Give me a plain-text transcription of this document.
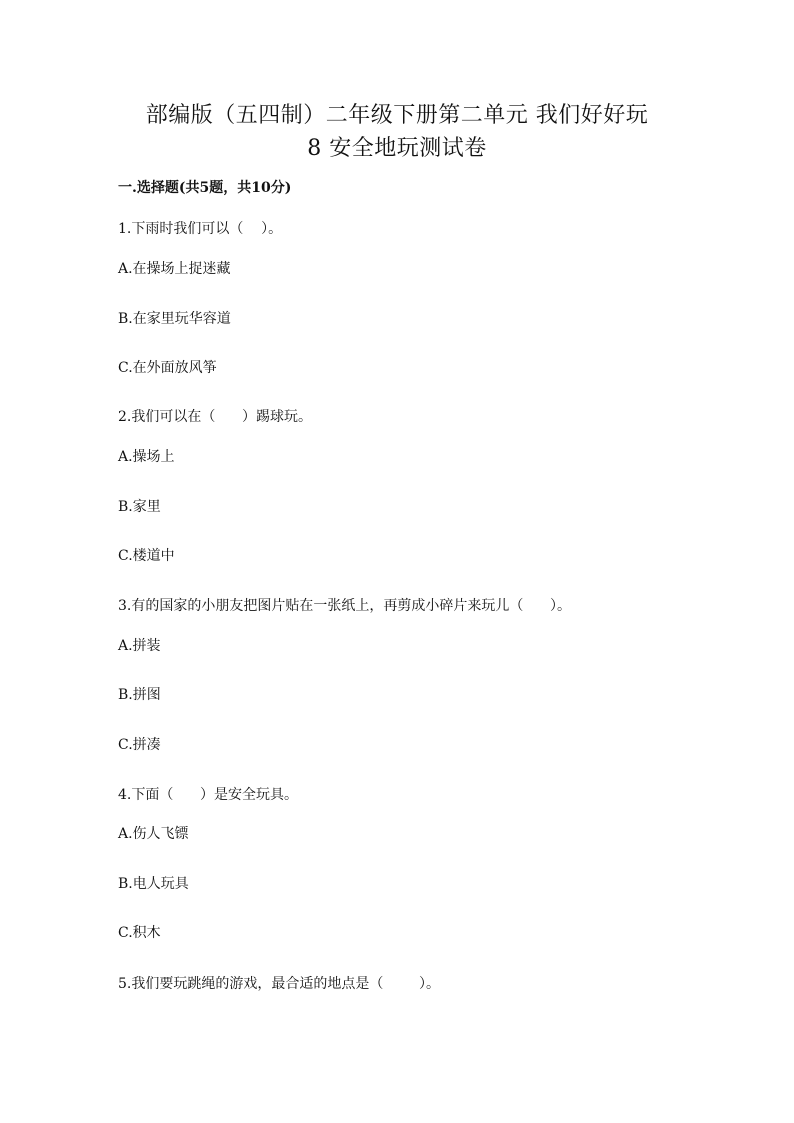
部编版（五四制）二年级下册第二单元 我们好好玩
8 安全地玩测试卷
一.选择题(共5题，共10分)
1.下雨时我们可以（    ）。
A.在操场上捉迷藏
B.在家里玩华容道
C.在外面放风筝
2.我们可以在（      ）踢球玩。
A.操场上
B.家里
C.楼道中
3.有的国家的小朋友把图片贴在一张纸上，再剪成小碎片来玩儿（      ）。
A.拼装
B.拼图
C.拼凑
4.下面（      ）是安全玩具。
A.伤人飞镖
B.电人玩具
C.积木
5.我们要玩跳绳的游戏，最合适的地点是（        ）。
